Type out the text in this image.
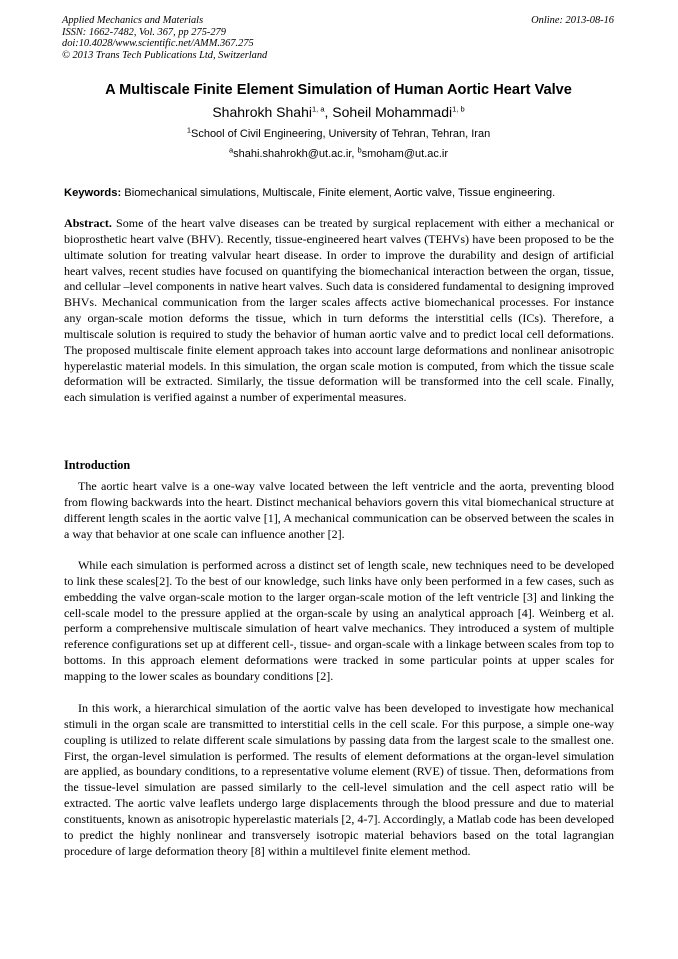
Applied Mechanics and Materials
ISSN: 1662-7482, Vol. 367, pp 275-279
doi:10.4028/www.scientific.net/AMM.367.275
© 2013 Trans Tech Publications Ltd, Switzerland
Online: 2013-08-16
A Multiscale Finite Element Simulation of Human Aortic Heart Valve
Shahrokh Shahi$^{1, a}$, Soheil Mohammadi$^{1, b}$
$^1$School of Civil Engineering, University of Tehran, Tehran, Iran
$^a$shahi.shahrokh@ut.ac.ir, $^b$smoham@ut.ac.ir
Keywords: Biomechanical simulations, Multiscale, Finite element, Aortic valve, Tissue engineering.

Abstract. Some of the heart valve diseases can be treated by surgical replacement with either a mechanical or bioprosthetic heart valve (BHV). Recently, tissue-engineered heart valves (TEHVs) have been proposed to be the ultimate solution for treating valvular heart disease. In order to improve the durability and design of artificial heart valves, recent studies have focused on quantifying the biomechanical interaction between the organ, tissue, and cellular –level components in native heart valves. Such data is considered fundamental to designing improved BHVs. Mechanical communication from the larger scales affects active biomechanical processes. For instance any organ-scale motion deforms the tissue, which in turn deforms the interstitial cells (ICs). Therefore, a multiscale solution is required to study the behavior of human aortic valve and to predict local cell deformations. The proposed multiscale finite element approach takes into account large deformations and nonlinear anisotropic hyperelastic material models. In this simulation, the organ scale motion is computed, from which the tissue scale deformation will be extracted. Similarly, the tissue deformation will be transformed into the cell scale. Finally, each simulation is verified against a number of experimental measures.

Introduction

The aortic heart valve is a one-way valve located between the left ventricle and the aorta, preventing blood from flowing backwards into the heart. Distinct mechanical behaviors govern this vital biomechanical structure at different length scales in the aortic valve [1], A mechanical communication can be observed between the scales in a way that behavior at one scale can influence another [2].

While each simulation is performed across a distinct set of length scale, new techniques need to be developed to link these scales[2]. To the best of our knowledge, such links have only been performed in a few cases, such as embedding the valve organ-scale motion to the larger organ-scale motion of the left ventricle [3] and linking the cell-scale model to the pressure applied at the organ-scale by using an analytical approach [4]. Weinberg et al. perform a comprehensive multiscale simulation of heart valve mechanics. They introduced a system of multiple reference configurations set up at different cell-, tissue- and organ-scale with a linkage between scales from top to bottoms. In this approach element deformations were tracked in some particular points at upper scales for mapping to the lower scales as boundary conditions [2].

In this work, a hierarchical simulation of the aortic valve has been developed to investigate how mechanical stimuli in the organ scale are transmitted to interstitial cells in the cell scale. For this purpose, a simple one-way coupling is utilized to relate different scale simulations by passing data from the largest scale to the smallest one. First, the organ-level simulation is performed. The results of element deformations at the organ-level simulation are applied, as boundary conditions, to a representative volume element (RVE) of tissue. Then, deformations from the tissue-level simulation are passed similarly to the cell-level simulation and the cell aspect ratio will be extracted. The aortic valve leaflets undergo large displacements through the blood pressure and due to material constituents, known as anisotropic hyperelastic materials [2, 4-7]. Accordingly, a Matlab code has been developed to predict the highly nonlinear and transversely isotropic material behaviors based on the total lagrangian procedure of large deformation theory [8] within a multilevel finite element method.
